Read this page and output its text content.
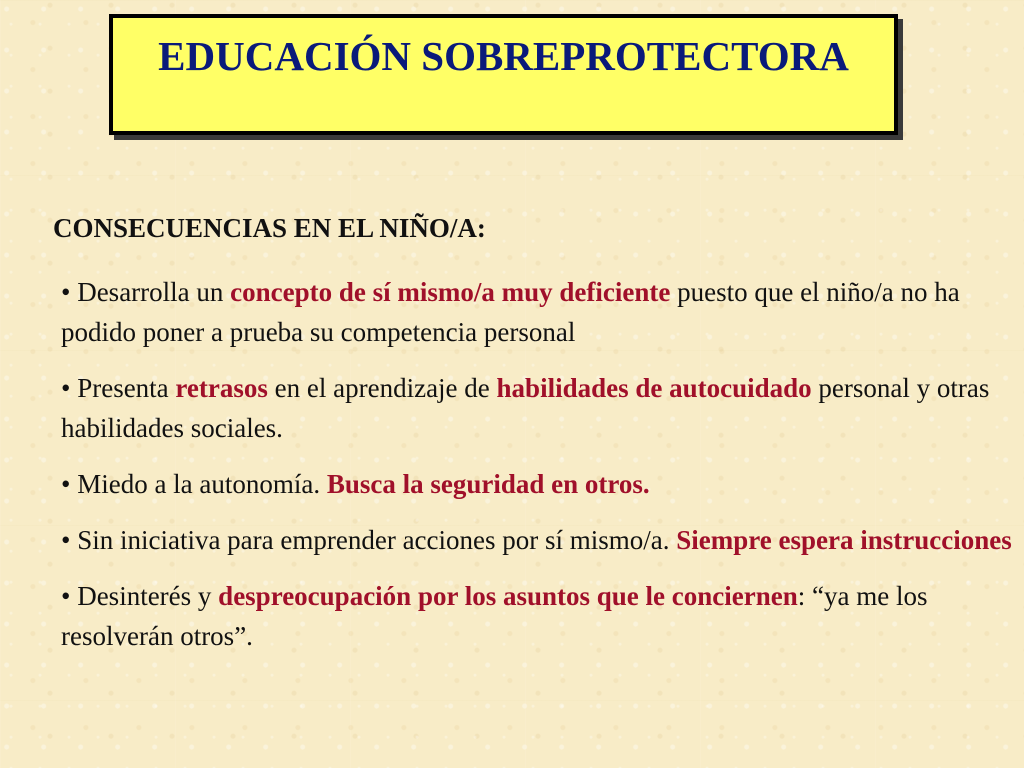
EDUCACIÓN SOBREPROTECTORA
CONSECUENCIAS EN EL NIÑO/A:
• Desarrolla un concepto de sí mismo/a muy deficiente puesto que el niño/a no ha podido poner a prueba su competencia personal
• Presenta retrasos en el aprendizaje de habilidades de autocuidado personal y otras habilidades sociales.
• Miedo a la autonomía. Busca la seguridad en otros.
• Sin iniciativa para emprender acciones por sí mismo/a. Siempre espera instrucciones
• Desinterés y despreocupación por los asuntos que le conciernen: “ya me los resolverán otros”.
